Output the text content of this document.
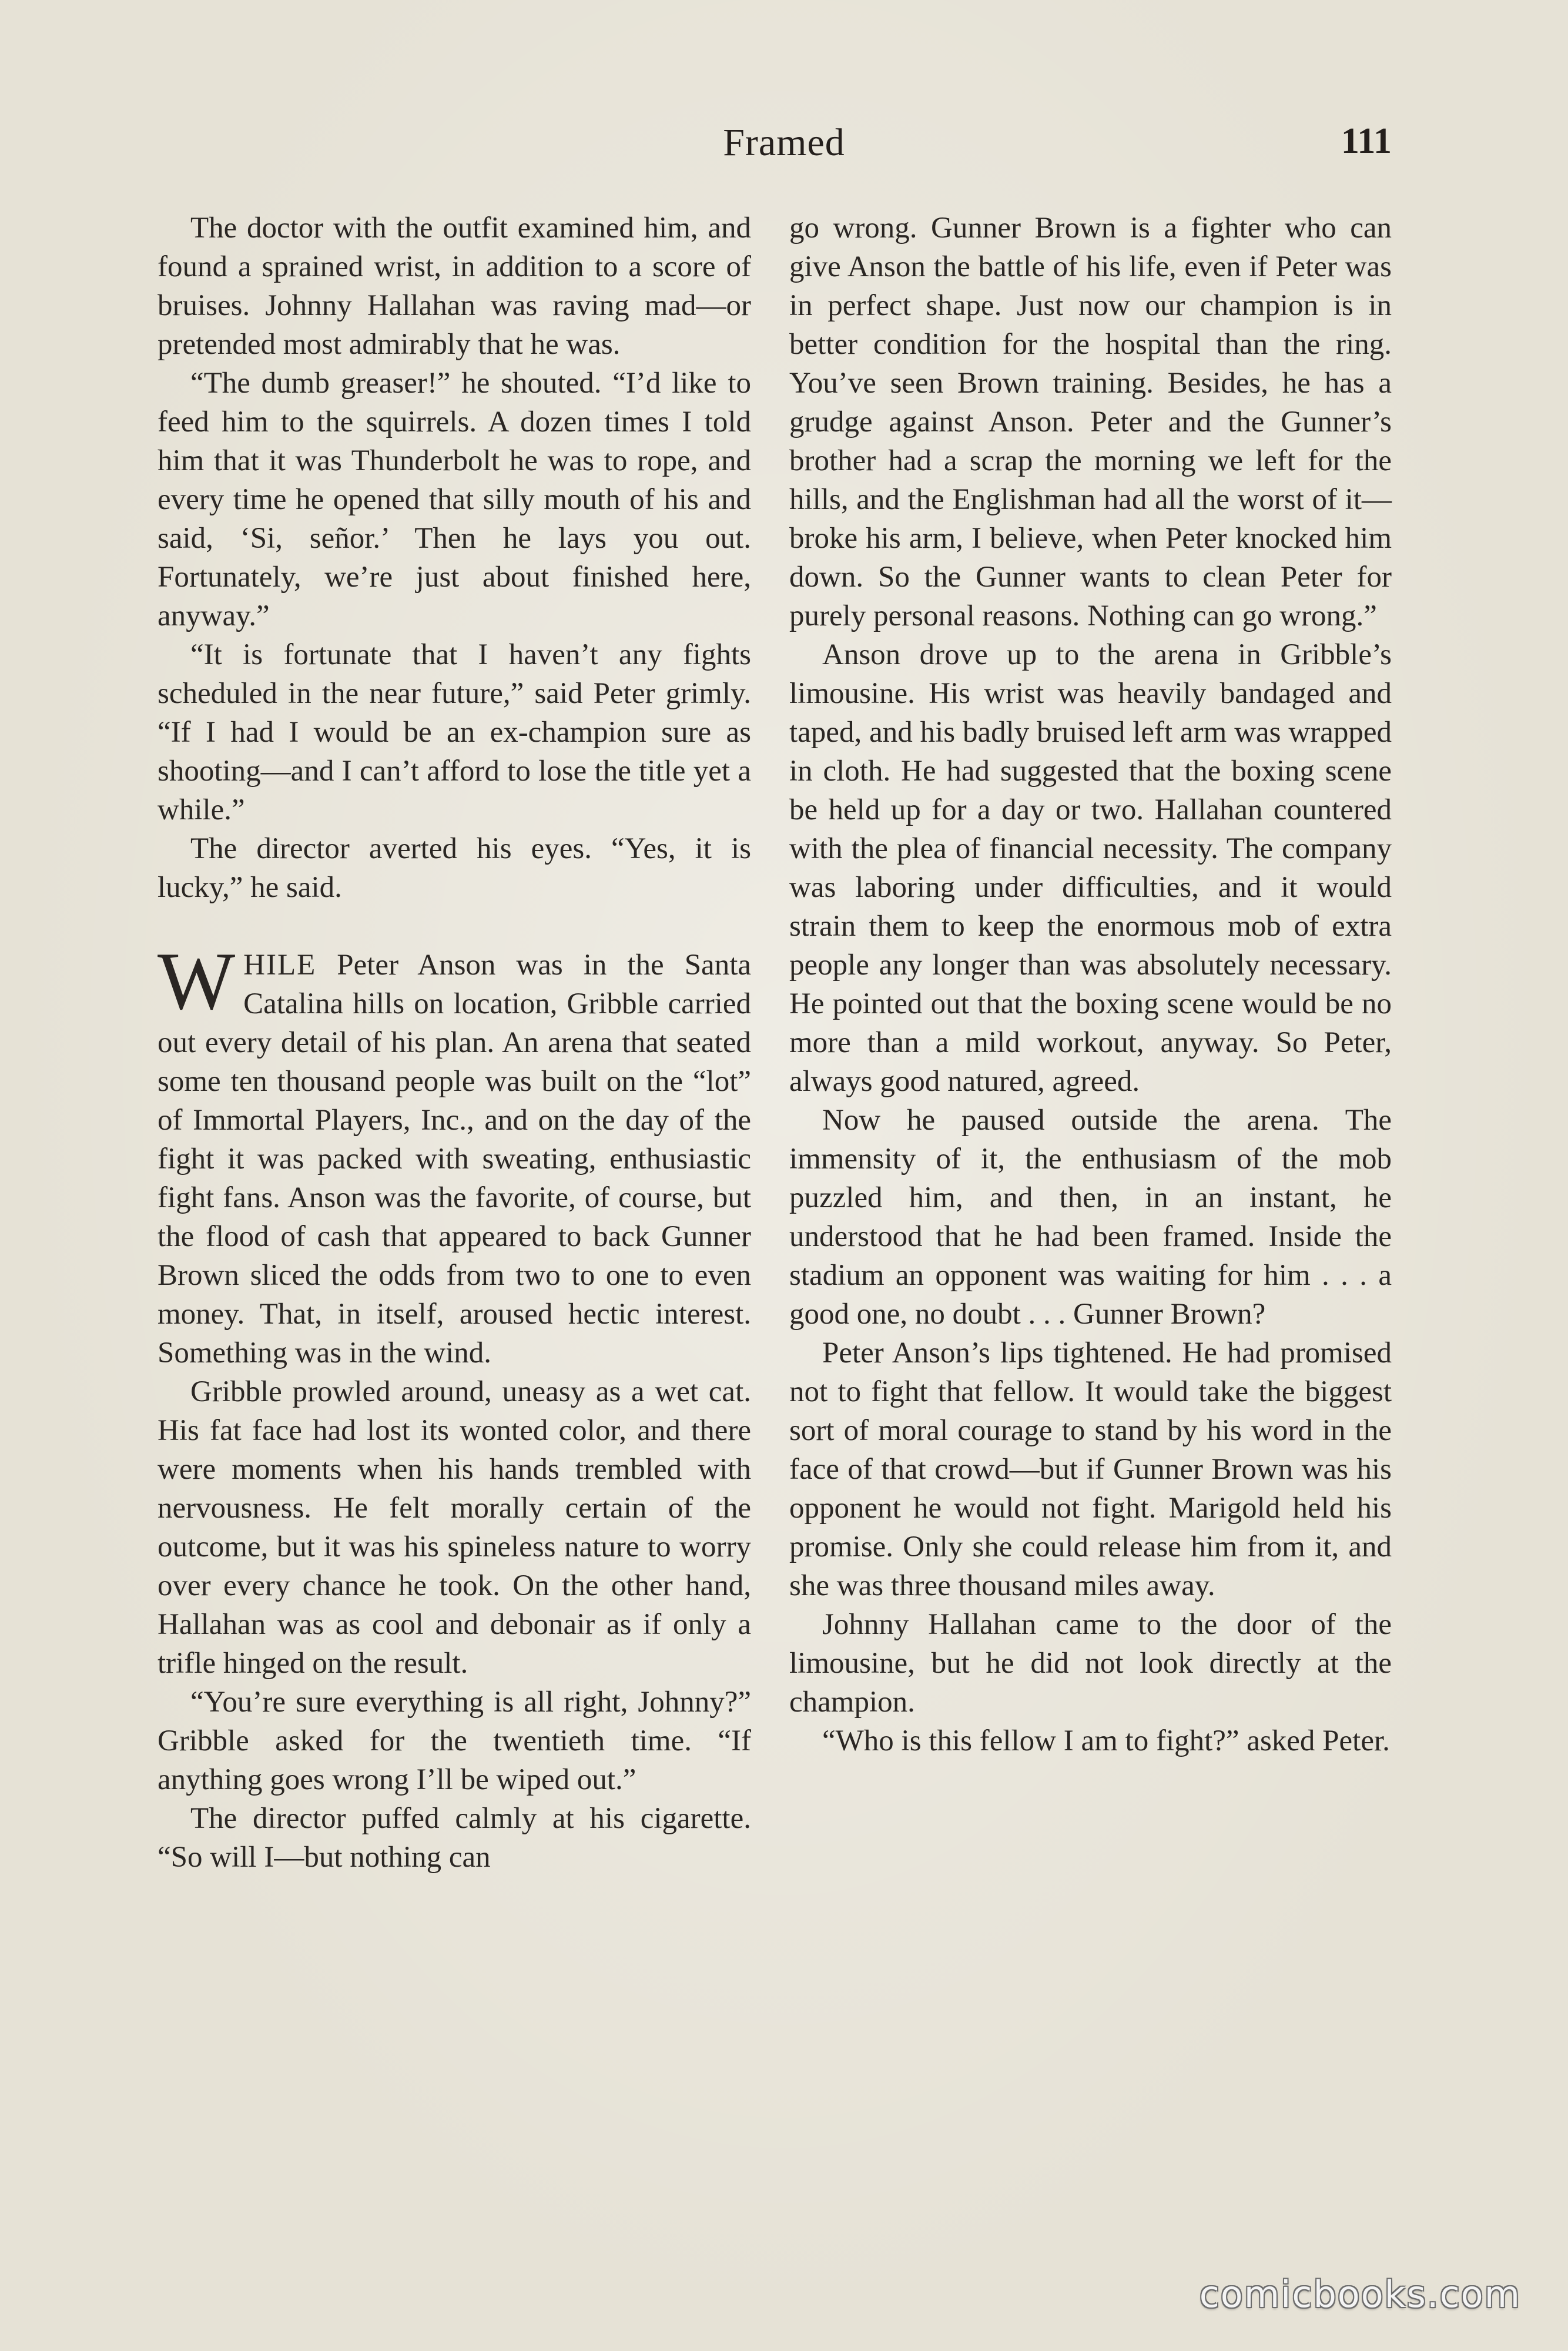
Framed	111

The doctor with the outfit examined him, and found a sprained wrist, in addition to a score of bruises. Johnny Hallahan was raving mad—or pretended most admirably that he was.

“The dumb greaser!” he shouted. “I’d like to feed him to the squirrels. A dozen times I told him that it was Thunderbolt he was to rope, and every time he opened that silly mouth of his and said, ‘Si, señor.’ Then he lays you out. Fortunately, we’re just about finished here, anyway.”

“It is fortunate that I haven’t any fights scheduled in the near future,” said Peter grimly. “If I had I would be an ex-champion sure as shooting—and I can’t afford to lose the title yet a while.”

The director averted his eyes. “Yes, it is lucky,” he said.

WHILE Peter Anson was in the Santa Catalina hills on location, Gribble carried out every detail of his plan. An arena that seated some ten thousand people was built on the “lot” of Immortal Players, Inc., and on the day of the fight it was packed with sweating, enthusiastic fight fans. Anson was the favorite, of course, but the flood of cash that appeared to back Gunner Brown sliced the odds from two to one to even money. That, in itself, aroused hectic interest. Something was in the wind.

Gribble prowled around, uneasy as a wet cat. His fat face had lost its wonted color, and there were moments when his hands trembled with nervousness. He felt morally certain of the outcome, but it was his spineless nature to worry over every chance he took. On the other hand, Hallahan was as cool and debonair as if only a trifle hinged on the result.

“You’re sure everything is all right, Johnny?” Gribble asked for the twentieth time. “If anything goes wrong I’ll be wiped out.”

The director puffed calmly at his cigarette. “So will I—but nothing can

go wrong. Gunner Brown is a fighter who can give Anson the battle of his life, even if Peter was in perfect shape. Just now our champion is in better condition for the hospital than the ring. You’ve seen Brown training. Besides, he has a grudge against Anson. Peter and the Gunner’s brother had a scrap the morning we left for the hills, and the Englishman had all the worst of it—broke his arm, I believe, when Peter knocked him down. So the Gunner wants to clean Peter for purely personal reasons. Nothing can go wrong.”

Anson drove up to the arena in Gribble’s limousine. His wrist was heavily bandaged and taped, and his badly bruised left arm was wrapped in cloth. He had suggested that the boxing scene be held up for a day or two. Hallahan countered with the plea of financial necessity. The company was laboring under difficulties, and it would strain them to keep the enormous mob of extra people any longer than was absolutely necessary. He pointed out that the boxing scene would be no more than a mild workout, anyway. So Peter, always good natured, agreed.

Now he paused outside the arena. The immensity of it, the enthusiasm of the mob puzzled him, and then, in an instant, he understood that he had been framed. Inside the stadium an opponent was waiting for him . . . a good one, no doubt . . . Gunner Brown?

Peter Anson’s lips tightened. He had promised not to fight that fellow. It would take the biggest sort of moral courage to stand by his word in the face of that crowd—but if Gunner Brown was his opponent he would not fight. Marigold held his promise. Only she could release him from it, and she was three thousand miles away.

Johnny Hallahan came to the door of the limousine, but he did not look directly at the champion.

“Who is this fellow I am to fight?” asked Peter.

comicbooks.com
